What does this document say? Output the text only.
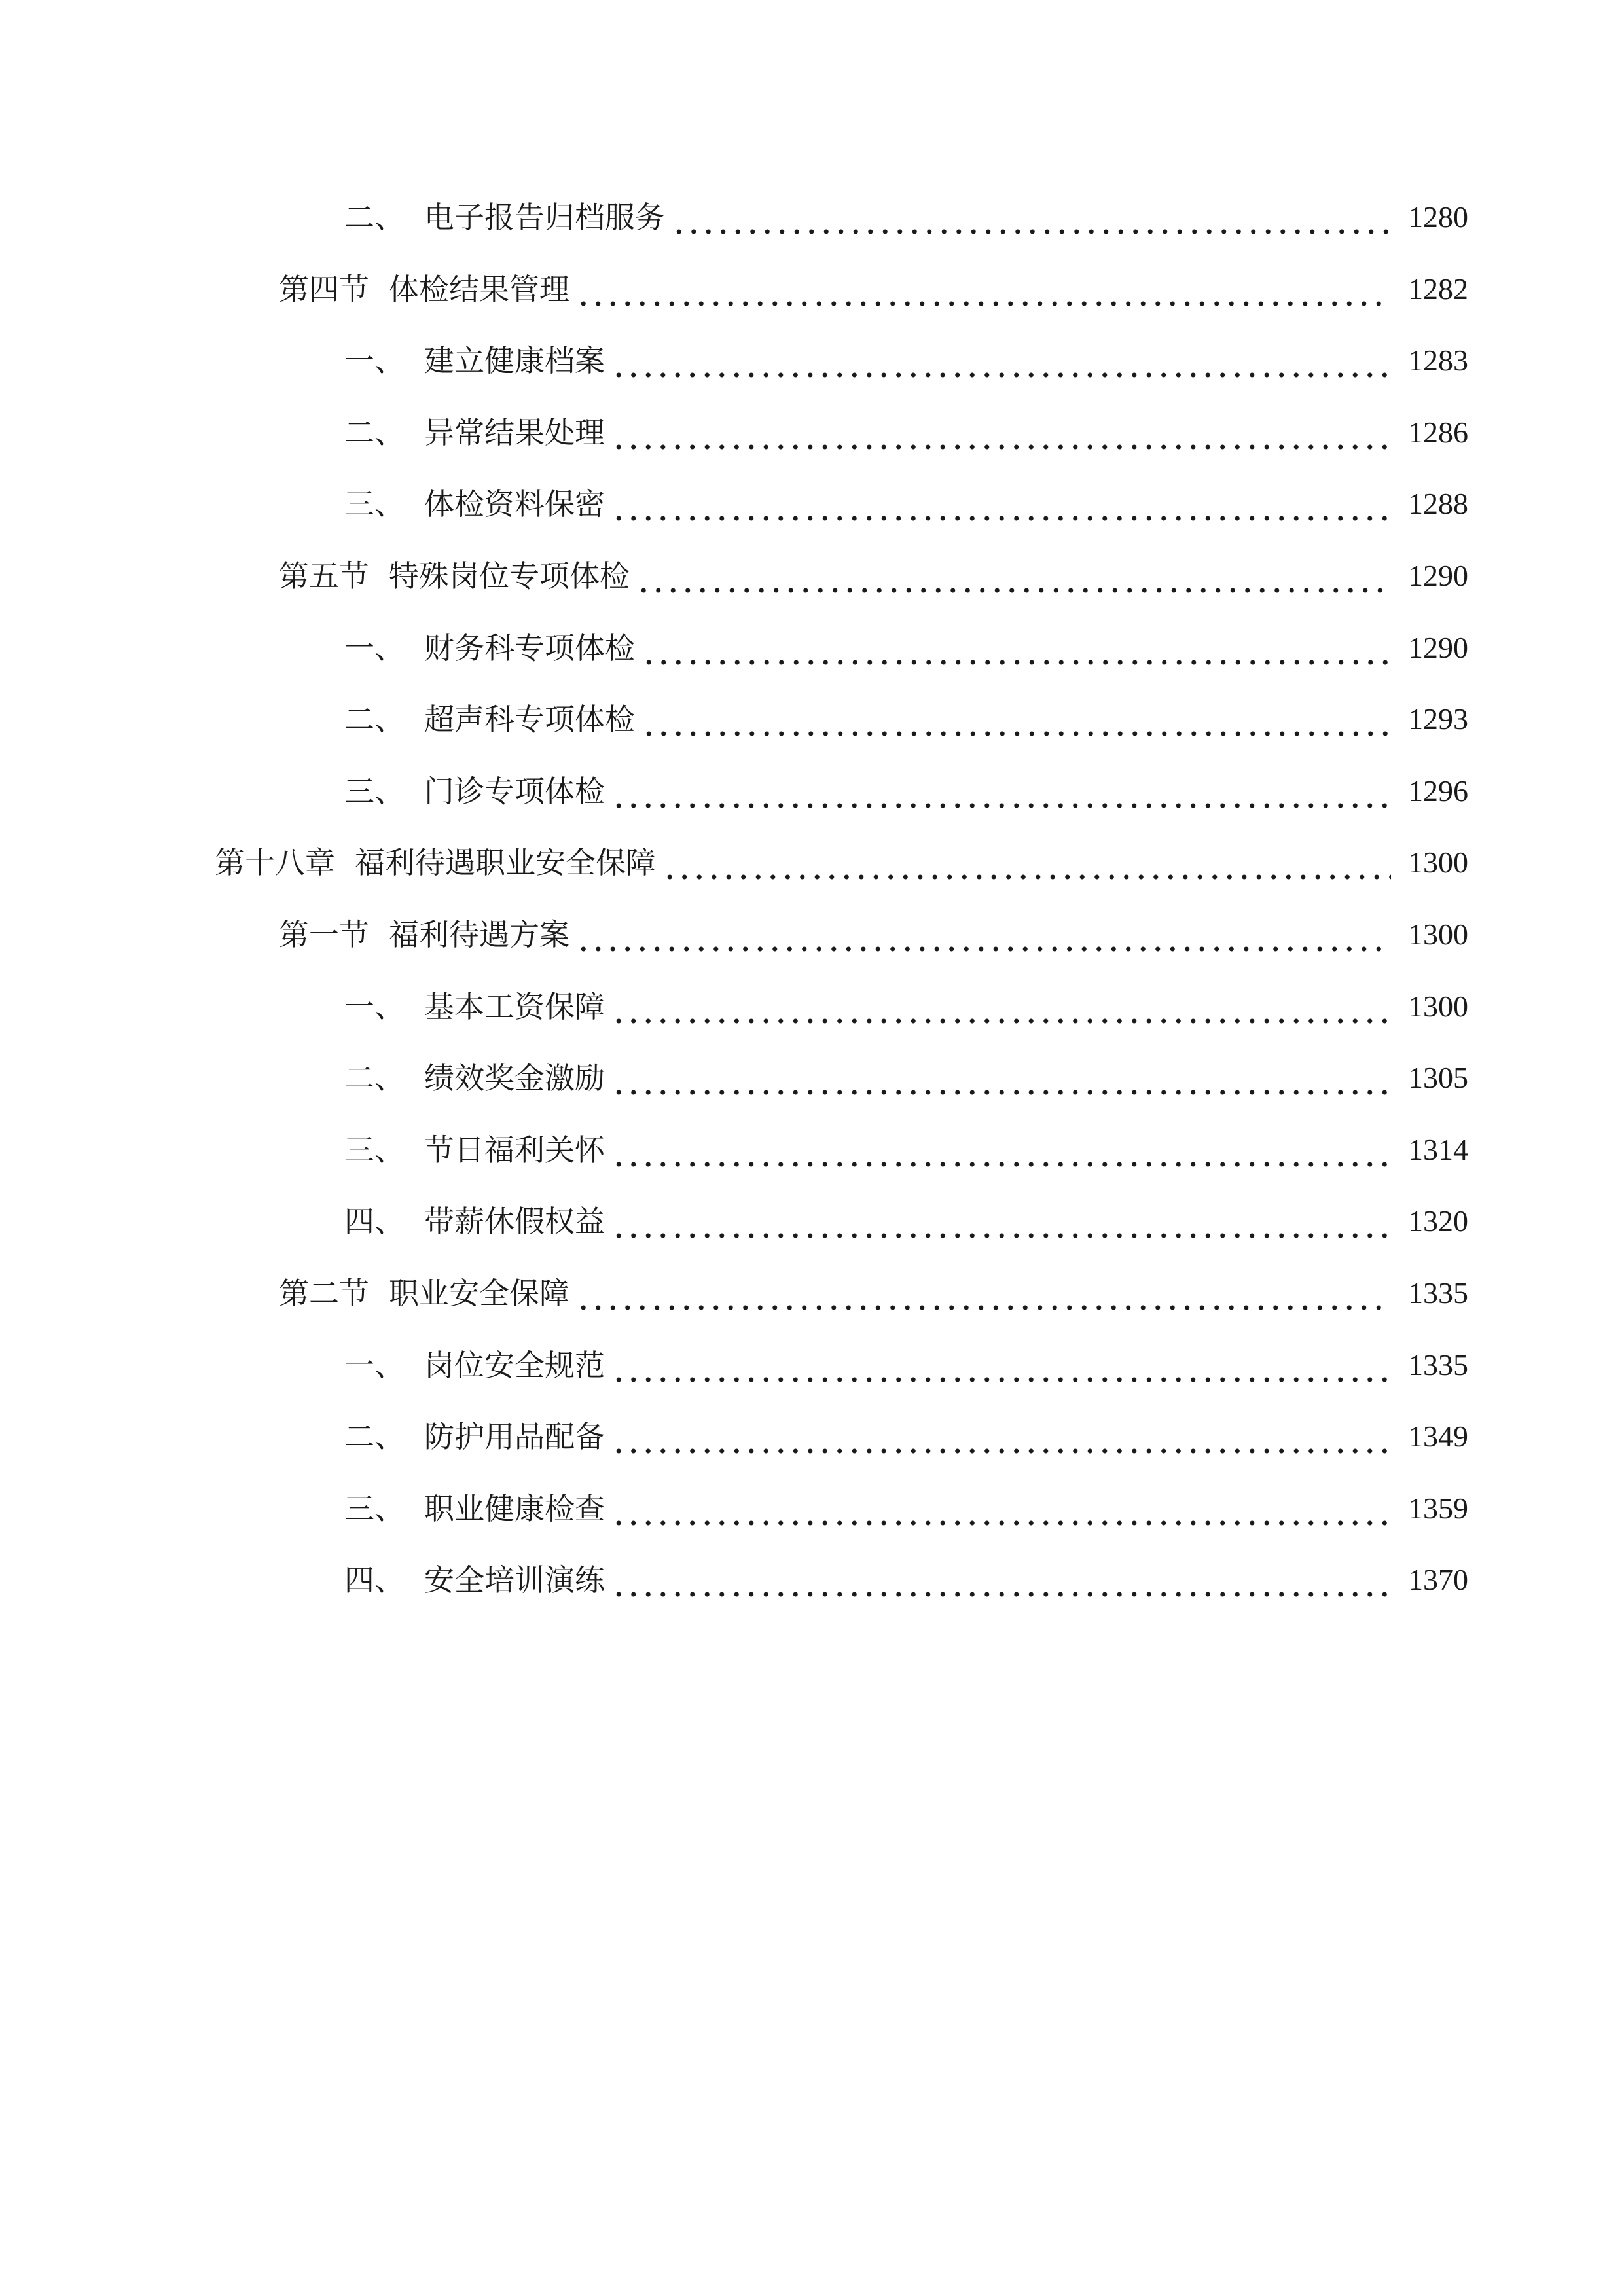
二、 电子报告归档服务	1280
第四节 体检结果管理	1282
一、 建立健康档案	1283
二、 异常结果处理	1286
三、 体检资料保密	1288
第五节 特殊岗位专项体检	1290
一、 财务科专项体检	1290
二、 超声科专项体检	1293
三、 门诊专项体检	1296
第十八章 福利待遇职业安全保障	1300
第一节 福利待遇方案	1300
一、 基本工资保障	1300
二、 绩效奖金激励	1305
三、 节日福利关怀	1314
四、 带薪休假权益	1320
第二节 职业安全保障	1335
一、 岗位安全规范	1335
二、 防护用品配备	1349
三、 职业健康检查	1359
四、 安全培训演练	1370
